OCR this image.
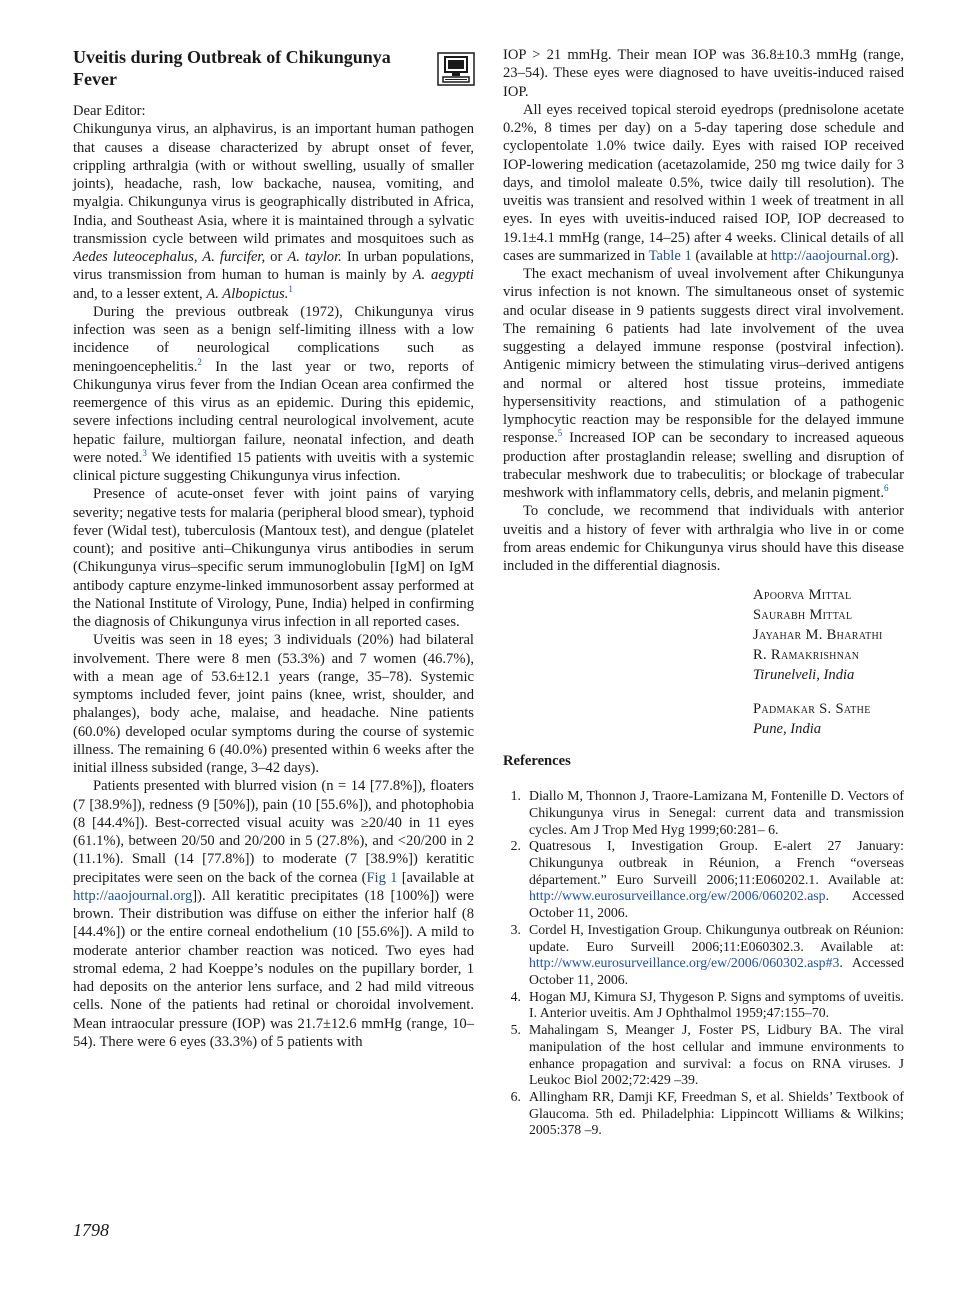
Uveitis during Outbreak of Chikungunya Fever

Dear Editor:

Chikungunya virus, an alphavirus, is an important human pathogen that causes a disease characterized by abrupt onset of fever, crippling arthralgia (with or without swelling, usually of smaller joints), headache, rash, low backache, nausea, vomiting, and myalgia. Chikungunya virus is geographically distributed in Africa, India, and Southeast Asia, where it is maintained through a sylvatic transmission cycle between wild primates and mosquitoes such as Aedes luteocephalus, A. furcifer, or A. taylor. In urban populations, virus transmission from human to human is mainly by A. aegypti and, to a lesser extent, A. Albopictus.$^1$

During the previous outbreak (1972), Chikungunya virus infection was seen as a benign self-limiting illness with a low incidence of neurological complications such as meningoencephelitis.$^2$ In the last year or two, reports of Chikungunya virus fever from the Indian Ocean area confirmed the reemergence of this virus as an epidemic. During this epidemic, severe infections including central neurological involvement, acute hepatic failure, multiorgan failure, neonatal infection, and death were noted.$^3$ We identified 15 patients with uveitis with a systemic clinical picture suggesting Chikungunya virus infection.

Presence of acute-onset fever with joint pains of varying severity; negative tests for malaria (peripheral blood smear), typhoid fever (Widal test), tuberculosis (Mantoux test), and dengue (platelet count); and positive anti–Chikungunya virus antibodies in serum (Chikungunya virus–specific serum immunoglobulin [IgM] on IgM antibody capture enzyme-linked immunosorbent assay performed at the National Institute of Virology, Pune, India) helped in confirming the diagnosis of Chikungunya virus infection in all reported cases.

Uveitis was seen in 18 eyes; 3 individuals (20%) had bilateral involvement. There were 8 men (53.3%) and 7 women (46.7%), with a mean age of 53.6±12.1 years (range, 35–78). Systemic symptoms included fever, joint pains (knee, wrist, shoulder, and phalanges), body ache, malaise, and headache. Nine patients (60.0%) developed ocular symptoms during the course of systemic illness. The remaining 6 (40.0%) presented within 6 weeks after the initial illness subsided (range, 3–42 days).

Patients presented with blurred vision (n = 14 [77.8%]), floaters (7 [38.9%]), redness (9 [50%]), pain (10 [55.6%]), and photophobia (8 [44.4%]). Best-corrected visual acuity was ≥20/40 in 11 eyes (61.1%), between 20/50 and 20/200 in 5 (27.8%), and <20/200 in 2 (11.1%). Small (14 [77.8%]) to moderate (7 [38.9%]) keratitic precipitates were seen on the back of the cornea (Fig 1 [available at http://aaojournal.org]). All keratitic precipitates (18 [100%]) were brown. Their distribution was diffuse on either the inferior half (8 [44.4%]) or the entire corneal endothelium (10 [55.6%]). A mild to moderate anterior chamber reaction was noticed. Two eyes had stromal edema, 2 had Koeppe’s nodules on the pupillary border, 1 had deposits on the anterior lens surface, and 2 had mild vitreous cells. None of the patients had retinal or choroidal involvement. Mean intraocular pressure (IOP) was 21.7±12.6 mmHg (range, 10–54). There were 6 eyes (33.3%) of 5 patients with

IOP > 21 mmHg. Their mean IOP was 36.8±10.3 mmHg (range, 23–54). These eyes were diagnosed to have uveitis-induced raised IOP.

All eyes received topical steroid eyedrops (prednisolone acetate 0.2%, 8 times per day) on a 5-day tapering dose schedule and cyclopentolate 1.0% twice daily. Eyes with raised IOP received IOP-lowering medication (acetazolamide, 250 mg twice daily for 3 days, and timolol maleate 0.5%, twice daily till resolution). The uveitis was transient and resolved within 1 week of treatment in all eyes. In eyes with uveitis-induced raised IOP, IOP decreased to 19.1±4.1 mmHg (range, 14–25) after 4 weeks. Clinical details of all cases are summarized in Table 1 (available at http://aaojournal.org).

The exact mechanism of uveal involvement after Chikungunya virus infection is not known. The simultaneous onset of systemic and ocular disease in 9 patients suggests direct viral involvement. The remaining 6 patients had late involvement of the uvea suggesting a delayed immune response (postviral infection). Antigenic mimicry between the stimulating virus–derived antigens and normal or altered host tissue proteins, immediate hypersensitivity reactions, and stimulation of a pathogenic lymphocytic reaction may be responsible for the delayed immune response.$^5$ Increased IOP can be secondary to increased aqueous production after prostaglandin release; swelling and disruption of trabecular meshwork due to trabeculitis; or blockage of trabecular meshwork with inflammatory cells, debris, and melanin pigment.$^6$

To conclude, we recommend that individuals with anterior uveitis and a history of fever with arthralgia who live in or come from areas endemic for Chikungunya virus should have this disease included in the differential diagnosis.

Apoorva Mittal
Saurabh Mittal
Jayahar M. Bharathi
R. Ramakrishnan
Tirunelveli, India
Padmakar S. Sathe
Pune, India
References
1. Diallo M, Thonnon J, Traore-Lamizana M, Fontenille D. Vectors of Chikungunya virus in Senegal: current data and transmission cycles. Am J Trop Med Hyg 1999;60:281– 6.
2. Quatresous I, Investigation Group. E-alert 27 January: Chikungunya outbreak in Réunion, a French “overseas département.” Euro Surveill 2006;11:E060202.1. Available at: http://www.eurosurveillance.org/ew/2006/060202.asp. Accessed October 11, 2006.
3. Cordel H, Investigation Group. Chikungunya outbreak on Réunion: update. Euro Surveill 2006;11:E060302.3. Available at: http://www.eurosurveillance.org/ew/2006/060302.asp#3. Accessed October 11, 2006.
4. Hogan MJ, Kimura SJ, Thygeson P. Signs and symptoms of uveitis. I. Anterior uveitis. Am J Ophthalmol 1959;47:155–70.
5. Mahalingam S, Meanger J, Foster PS, Lidbury BA. The viral manipulation of the host cellular and immune environments to enhance propagation and survival: a focus on RNA viruses. J Leukoc Biol 2002;72:429 –39.
6. Allingham RR, Damji KF, Freedman S, et al. Shields’ Textbook of Glaucoma. 5th ed. Philadelphia: Lippincott Williams & Wilkins; 2005:378 –9.
1798
